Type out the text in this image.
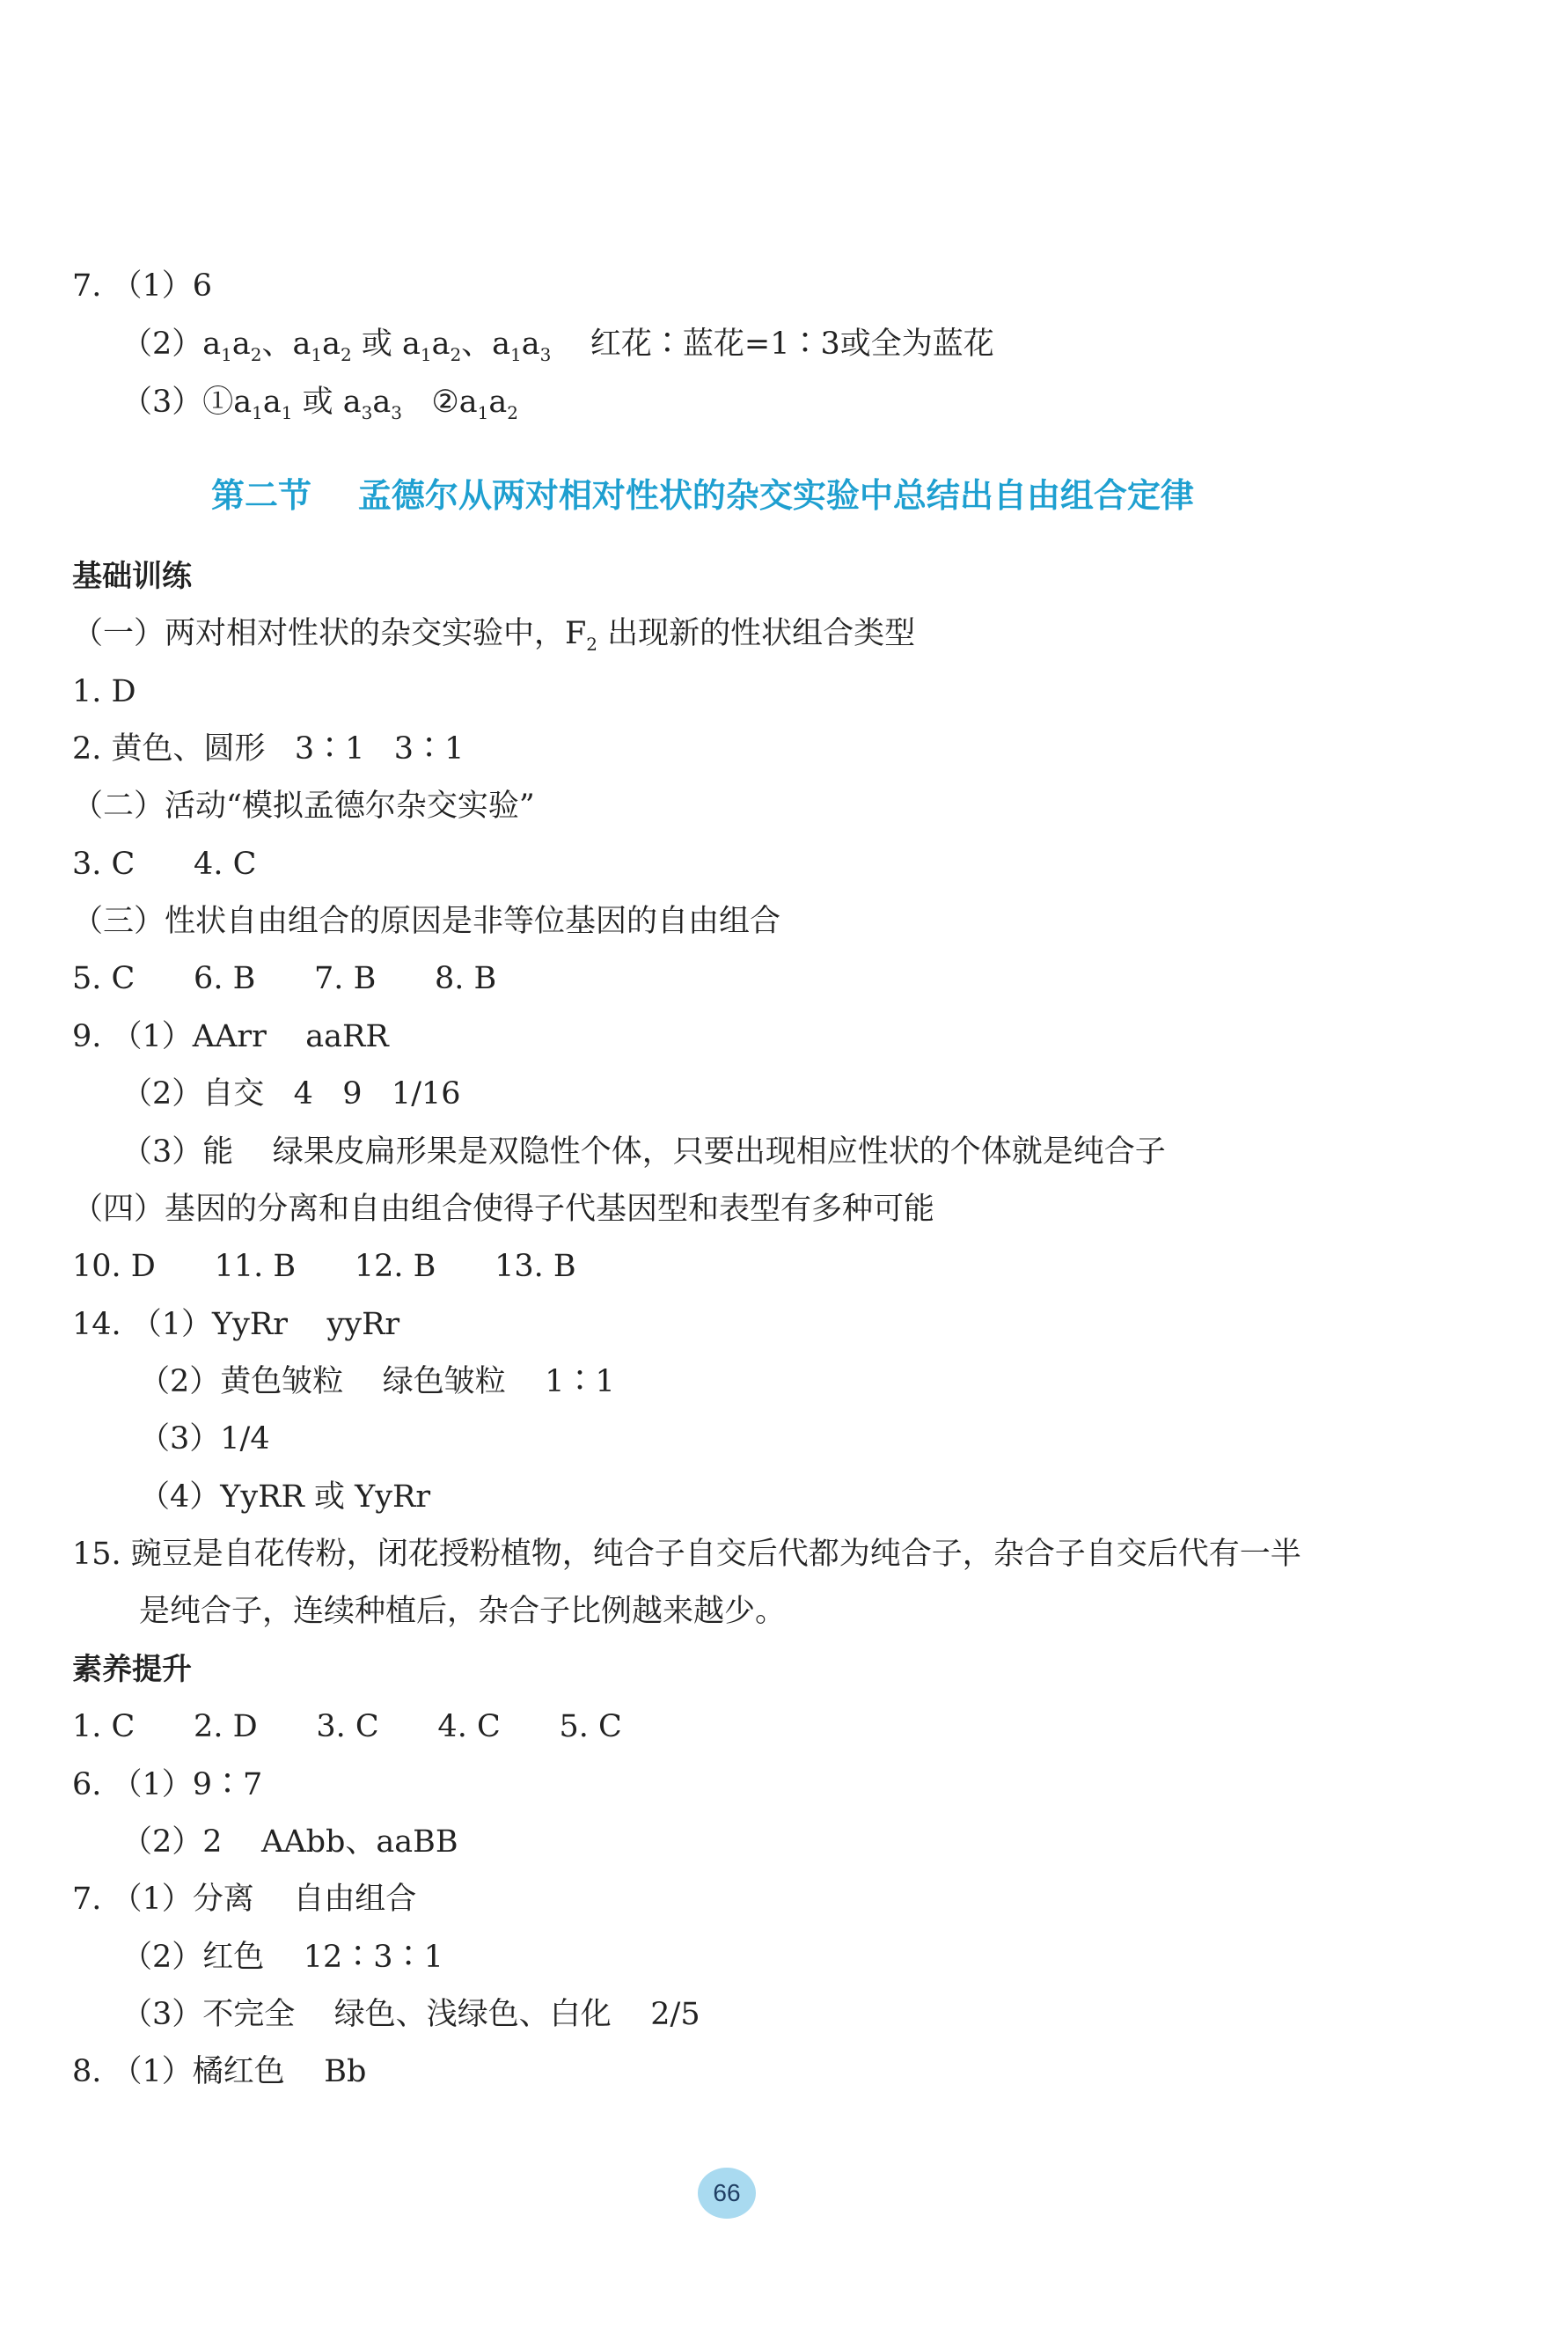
7. （1）6
$(2)a_1a_2$、$a_1a_2$ 或 $a_1a_2$、$a_1a_3$    红花∶蓝花=1∶3或全为蓝花
$(3)①a_1a_1$ 或 $a_3a_3$   $②a_1a_2$
第二节    孟德尔从两对相对性状的杂交实验中总结出自由组合定律
基础训练
（一）两对相对性状的杂交实验中，$F_2$ 出现新的性状组合类型
1. D
2. 黄色、圆形   3∶1   3∶1
（二）活动“模拟孟德尔杂交实验”
3. C      4. C
（三）性状自由组合的原因是非等位基因的自由组合
5. C      6. B      7. B      8. B
9. （1）AArr    aaRR
（2）自交   4   9   1/16
（3）能    绿果皮扁形果是双隐性个体，只要出现相应性状的个体就是纯合子
（四）基因的分离和自由组合使得子代基因型和表型有多种可能
10. D      11. B      12. B      13. B
14. （1）YyRr    yyRr
（2）黄色皱粒    绿色皱粒    1∶1
（3）1/4
（4）YyRR 或 YyRr
15. 豌豆是自花传粉，闭花授粉植物，纯合子自交后代都为纯合子，杂合子自交后代有一半
是纯合子，连续种植后，杂合子比例越来越少。
素养提升
1. C      2. D      3. C      4. C      5. C
6. （1）9∶7
（2）2    AAbb、aaBB
7. （1）分离    自由组合
（2）红色    12∶3∶1
（3）不完全    绿色、浅绿色、白化    2/5
8. （1）橘红色    Bb
66
